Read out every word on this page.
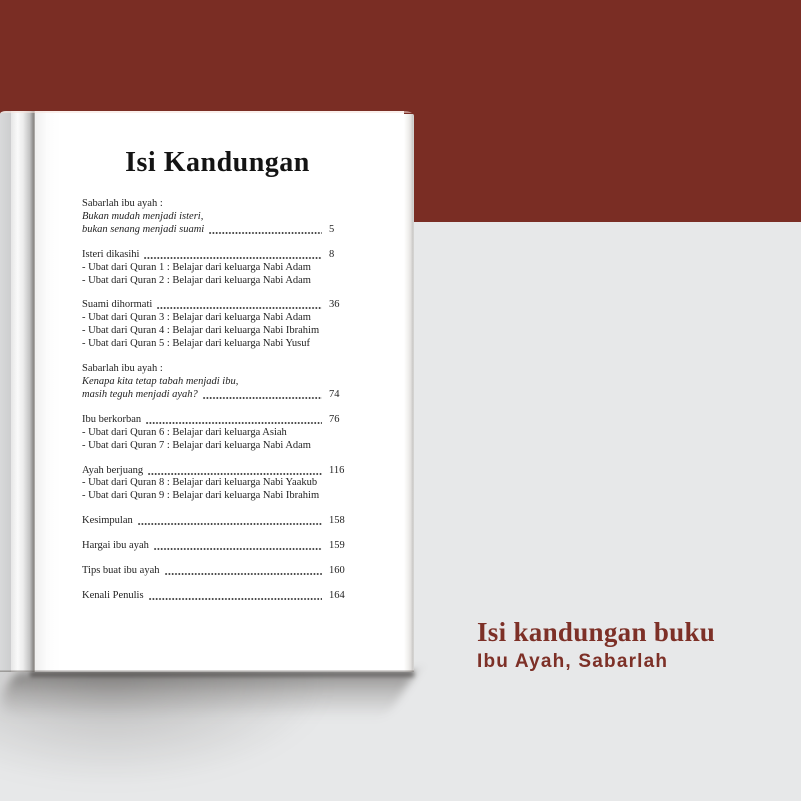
Isi Kandungan
Sabarlah ibu ayah :
Bukan mudah menjadi isteri,
bukan senang menjadi suami	5
Isteri dikasihi	8
- Ubat dari Quran 1 : Belajar dari keluarga Nabi Adam
- Ubat dari Quran 2 : Belajar dari keluarga Nabi Adam
Suami dihormati	36
- Ubat dari Quran 3 : Belajar dari keluarga Nabi Adam
- Ubat dari Quran 4 : Belajar dari keluarga Nabi Ibrahim
- Ubat dari Quran 5 : Belajar dari keluarga Nabi Yusuf
Sabarlah ibu ayah :
Kenapa kita tetap tabah menjadi ibu,
masih teguh menjadi ayah?	74
Ibu berkorban	76
- Ubat dari Quran 6 : Belajar dari keluarga Asiah
- Ubat dari Quran 7 : Belajar dari keluarga Nabi Adam
Ayah berjuang	116
- Ubat dari Quran 8 : Belajar dari keluarga Nabi Yaakub
- Ubat dari Quran 9 : Belajar dari keluarga Nabi Ibrahim
Kesimpulan	158
Hargai ibu ayah	159
Tips buat ibu ayah	160
Kenali Penulis	164
Isi kandungan buku

Ibu Ayah, Sabarlah
